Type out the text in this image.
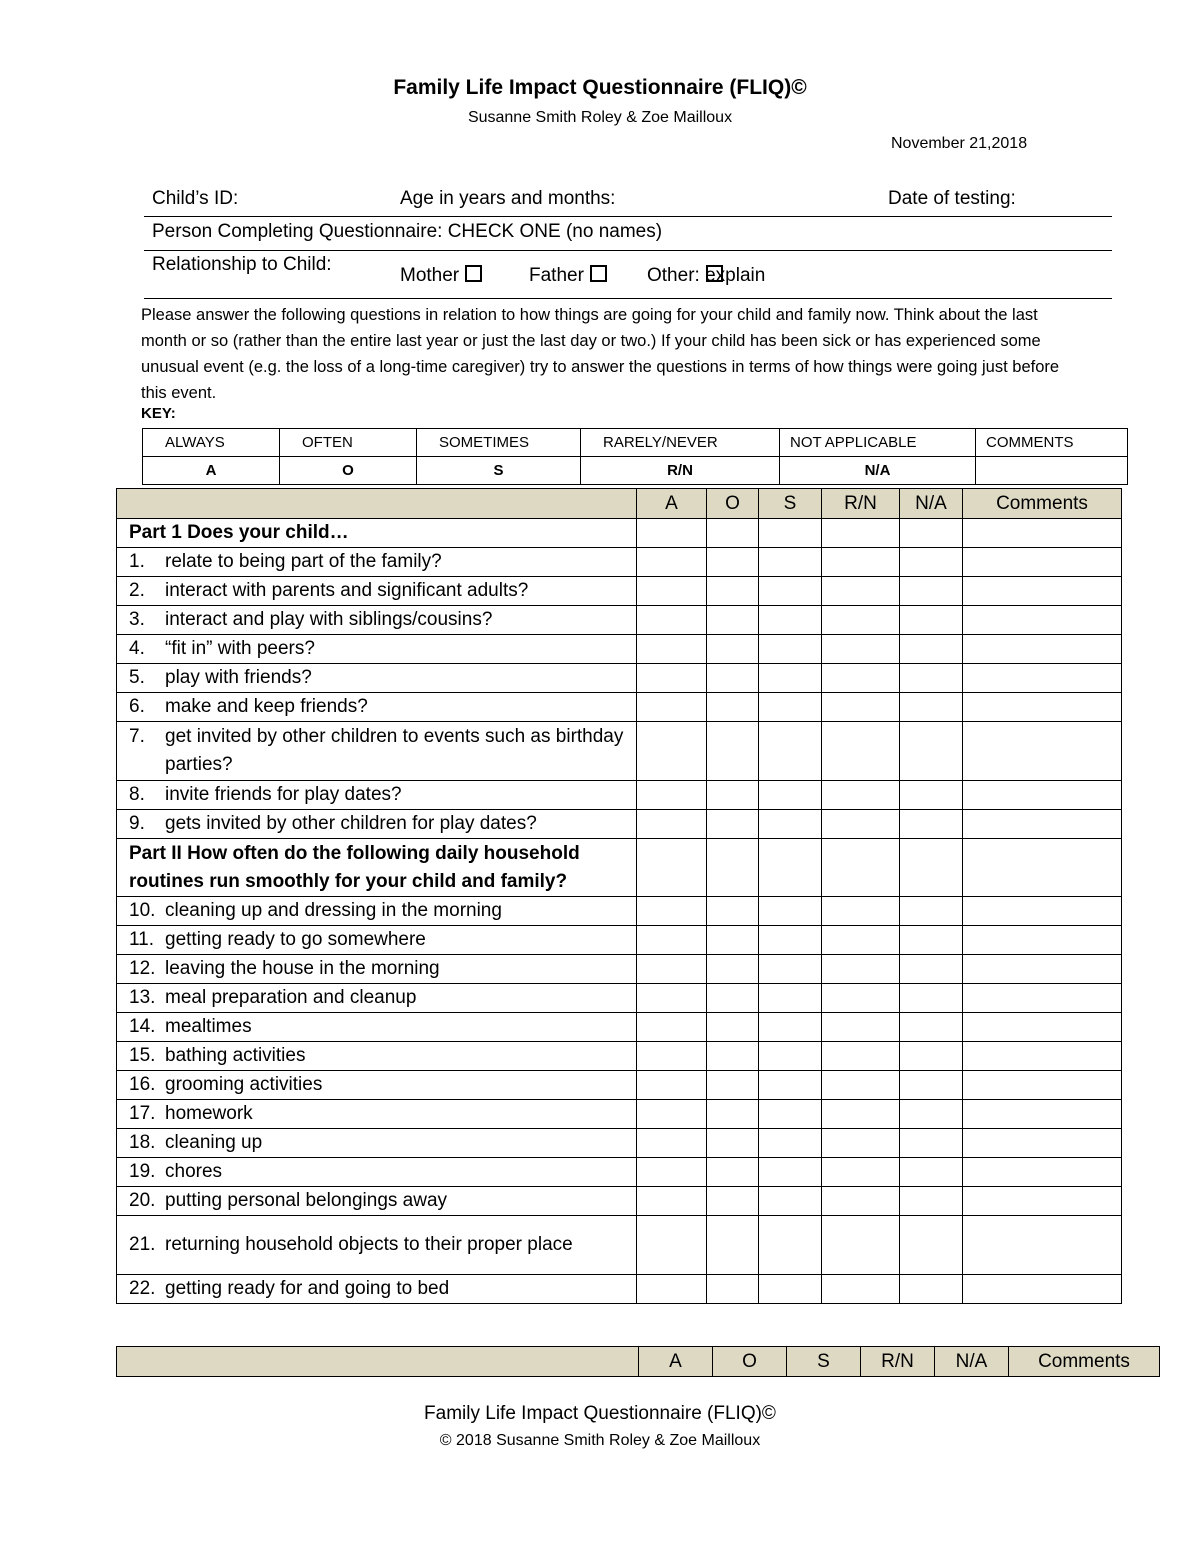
Family Life Impact Questionnaire (FLIQ)©
Susanne Smith Roley & Zoe Mailloux
November 21,2018
Child’s ID:	Age in years and months:	Date of testing:
Person Completing Questionnaire: CHECK ONE (no names)
Relationship to Child:
Mother	Father	Other: explain
Please answer the following questions in relation to how things are going for your child and family now. Think about the last month or so (rather than the entire last year or just the last day or two.) If your child has been sick or has experienced some unusual event (e.g. the loss of a long-time caregiver) try to answer the questions in terms of how things were going just before this event.
KEY:
ALWAYS	OFTEN	SOMETIMES	RARELY/NEVER	NOT APPLICABLE	COMMENTS
A	O	S	R/N	N/A	
	A	O	S	R/N	N/A	Comments

Part 1 Does your child…						

1. relate to being part of the family?						

2. interact with parents and significant adults?						

3. interact and play with siblings/cousins?						

4. “fit in” with peers?						

5. play with friends?						

6. make and keep friends?						

7. get invited by other children to events such as birthday parties?						

8. invite friends for play dates?						

9. gets invited by other children for play dates?						

Part II How often do the following daily household routines run smoothly for your child and family?						

10. cleaning up and dressing in the morning						

11. getting ready to go somewhere						

12. leaving the house in the morning						

13. meal preparation and cleanup						

14. mealtimes						

15. bathing activities						

16. grooming activities						

17. homework						

18. cleaning up						

19. chores						

20. putting personal belongings away						

21. returning household objects to their proper place						

22. getting ready for and going to bed						

	A	O	S	R/N	N/A	Comments
Family Life Impact Questionnaire (FLIQ)©
© 2018 Susanne Smith Roley & Zoe Mailloux
